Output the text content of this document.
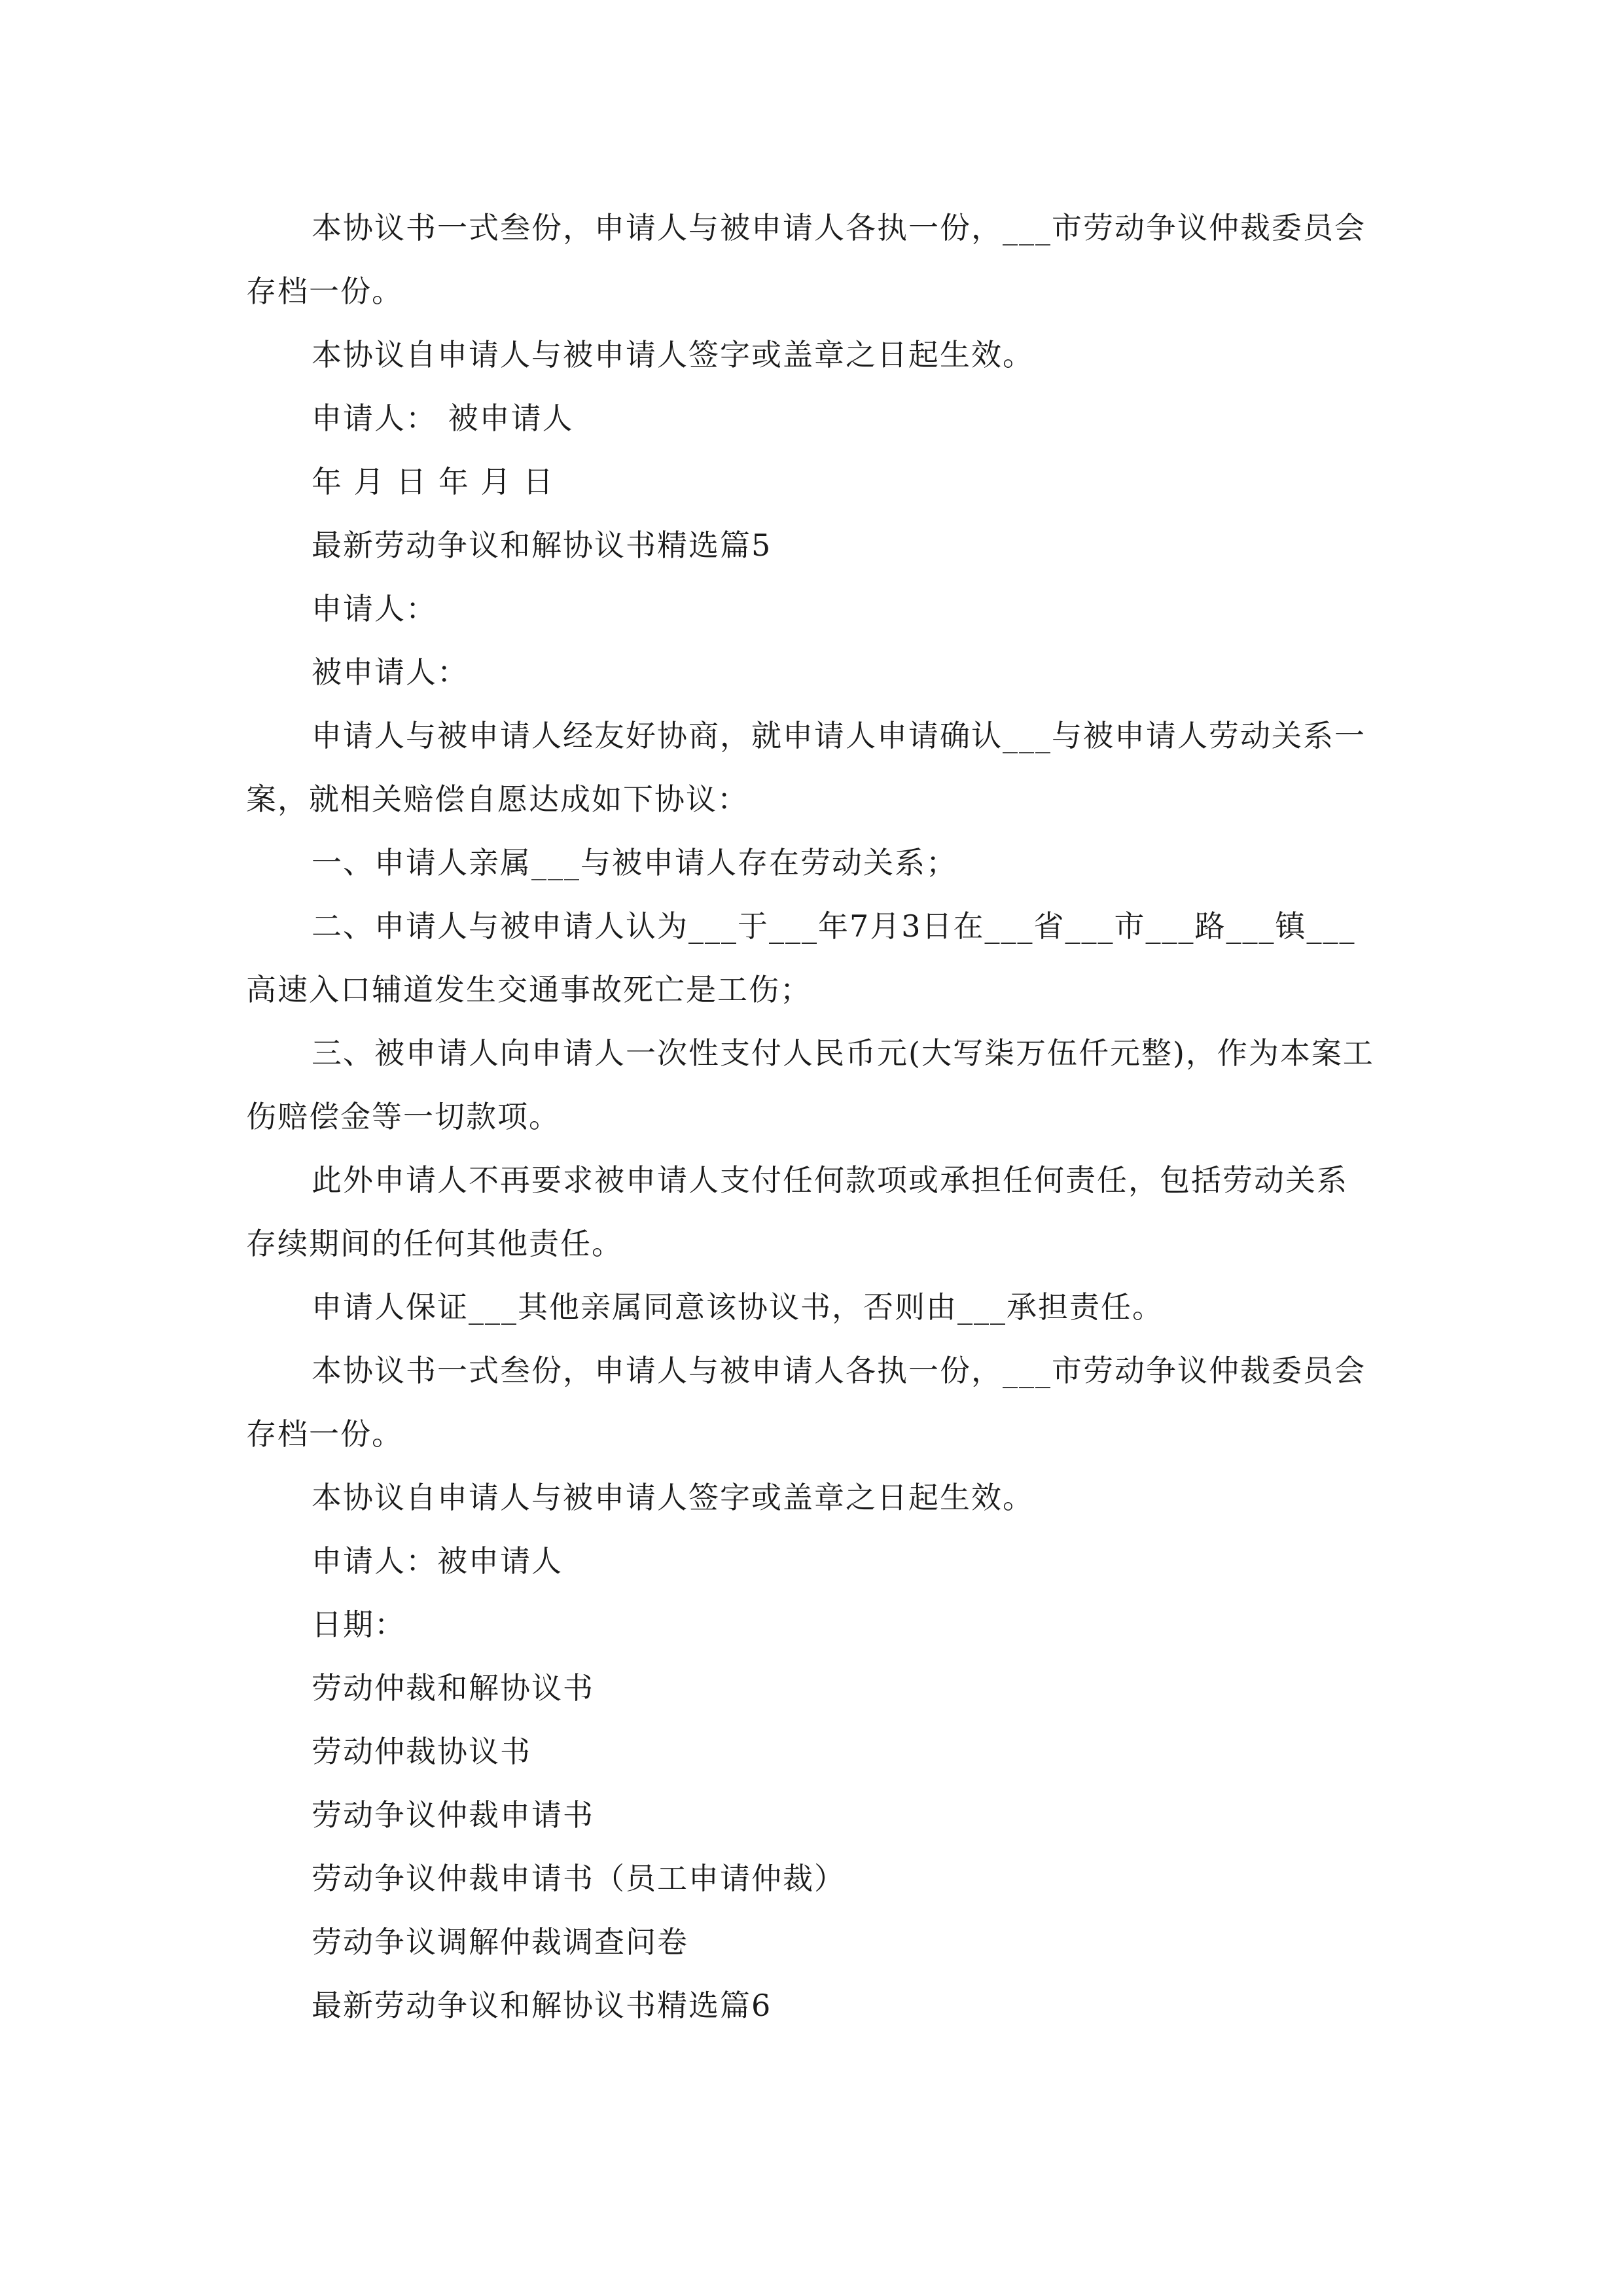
本协议书一式叁份，申请人与被申请人各执一份，___市劳动争议仲裁委员会存档一份。

本协议自申请人与被申请人签字或盖章之日起生效。

申请人： 被申请人

年 月 日 年 月 日

最新劳动争议和解协议书精选篇5

申请人：

被申请人：

申请人与被申请人经友好协商，就申请人申请确认___与被申请人劳动关系一案，就相关赔偿自愿达成如下协议：

一、申请人亲属___与被申请人存在劳动关系；

二、申请人与被申请人认为___于___年7月3日在___省___市___路___镇___高速入口辅道发生交通事故死亡是工伤；

三、被申请人向申请人一次性支付人民币元(大写柒万伍仟元整)，作为本案工伤赔偿金等一切款项。

此外申请人不再要求被申请人支付任何款项或承担任何责任，包括劳动关系存续期间的任何其他责任。

申请人保证___其他亲属同意该协议书，否则由___承担责任。

本协议书一式叁份，申请人与被申请人各执一份，___市劳动争议仲裁委员会存档一份。

本协议自申请人与被申请人签字或盖章之日起生效。

申请人：被申请人

日期：

劳动仲裁和解协议书

劳动仲裁协议书

劳动争议仲裁申请书

劳动争议仲裁申请书（员工申请仲裁）

劳动争议调解仲裁调查问卷

最新劳动争议和解协议书精选篇6
